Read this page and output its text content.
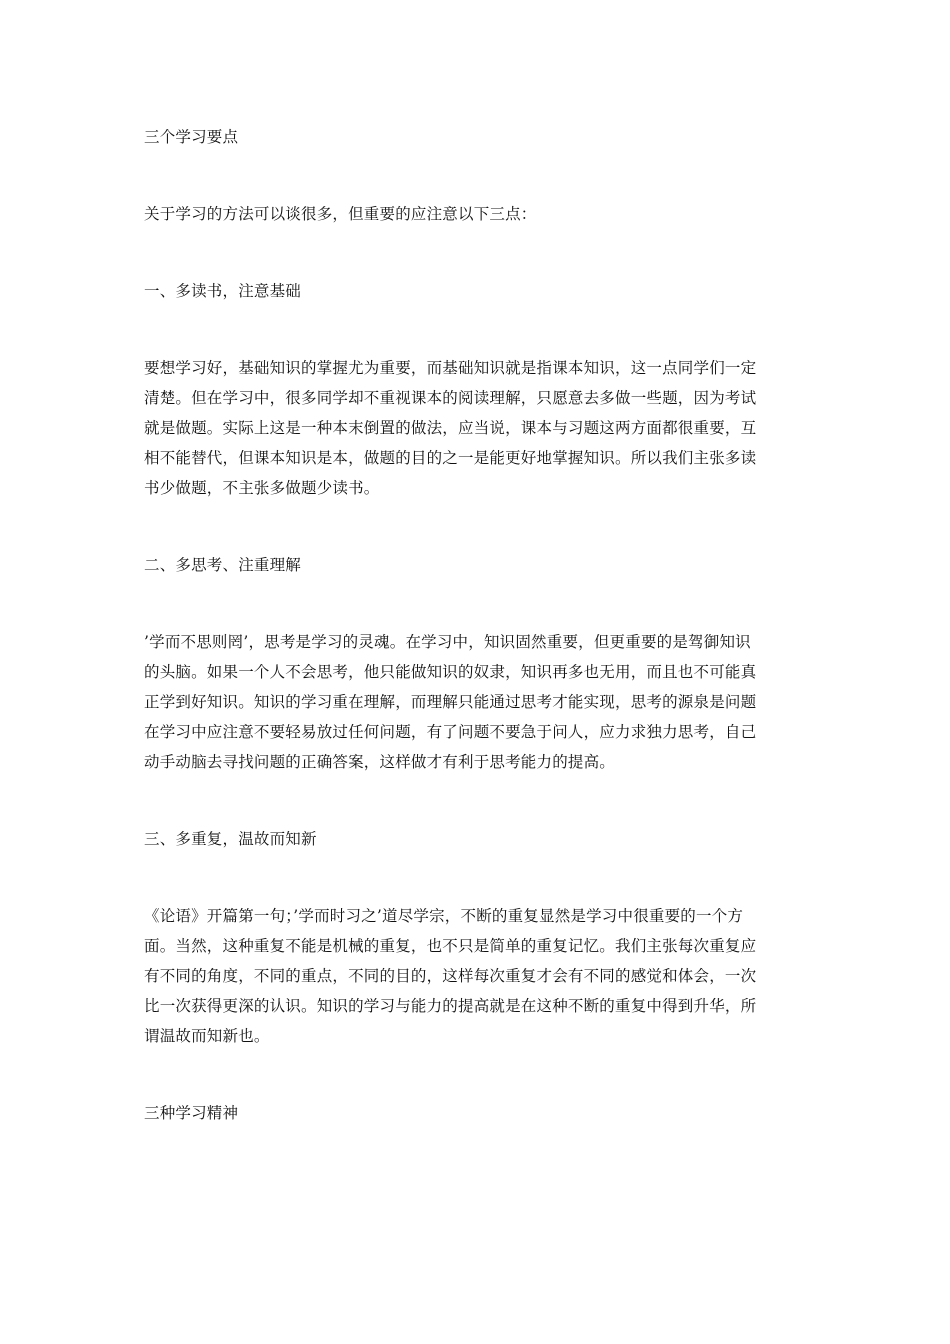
三个学习要点

关于学习的方法可以谈很多，但重要的应注意以下三点：

一、多读书，注意基础

要想学习好，基础知识的掌握尤为重要，而基础知识就是指课本知识，这一点同学们一定

清楚。但在学习中，很多同学却不重视课本的阅读理解，只愿意去多做一些题，因为考试

就是做题。实际上这是一种本末倒置的做法，应当说，课本与习题这两方面都很重要，互

相不能替代，但课本知识是本，做题的目的之一是能更好地掌握知识。所以我们主张多读

书少做题，不主张多做题少读书。

二、多思考、注重理解

’学而不思则罔’，思考是学习的灵魂。在学习中，知识固然重要，但更重要的是驾御知识

的头脑。如果一个人不会思考，他只能做知识的奴隶，知识再多也无用，而且也不可能真

正学到好知识。知识的学习重在理解，而理解只能通过思考才能实现，思考的源泉是问题

在学习中应注意不要轻易放过任何问题，有了问题不要急于问人，应力求独力思考，自己

动手动脑去寻找问题的正确答案，这样做才有利于思考能力的提高。

三、多重复，温故而知新

《论语》开篇第一句；’学而时习之’道尽学宗，不断的重复显然是学习中很重要的一个方

面。当然，这种重复不能是机械的重复，也不只是简单的重复记忆。我们主张每次重复应

有不同的角度，不同的重点，不同的目的，这样每次重复才会有不同的感觉和体会，一次

比一次获得更深的认识。知识的学习与能力的提高就是在这种不断的重复中得到升华，所

谓温故而知新也。

三种学习精神
